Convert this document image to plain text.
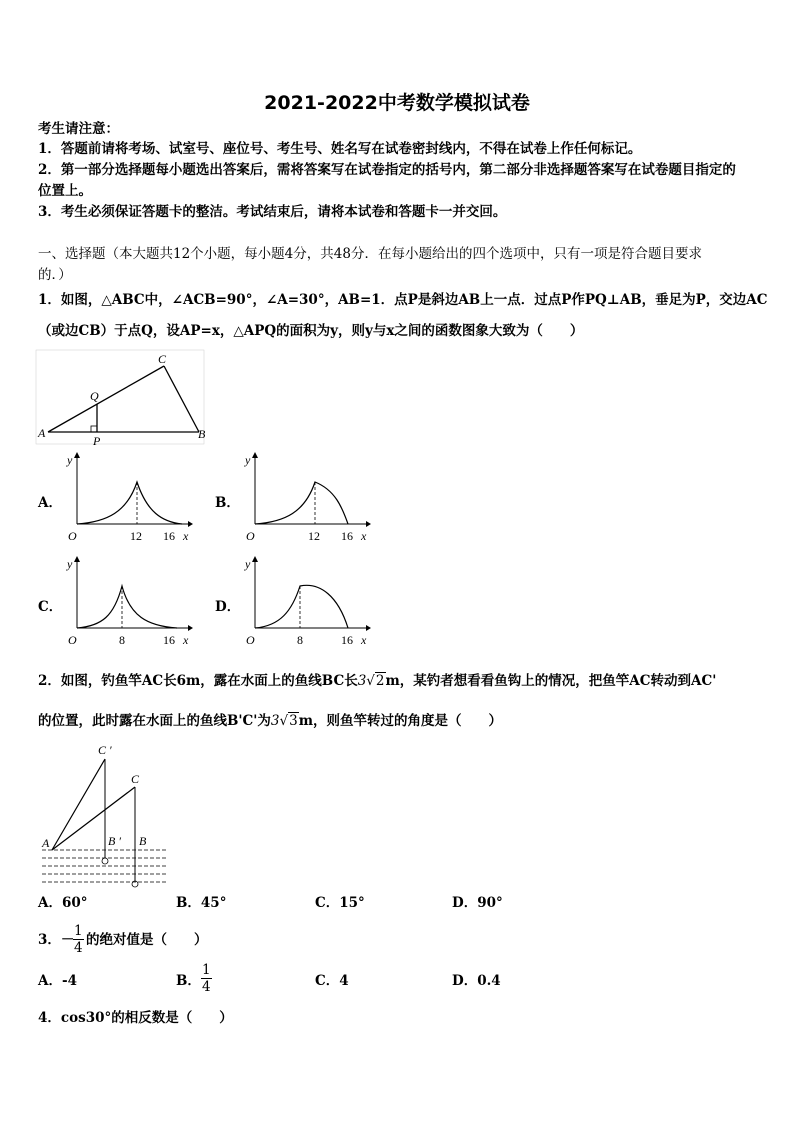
2021-2022中考数学模拟试卷
考生请注意：
1．答题前请将考场、试室号、座位号、考生号、姓名写在试卷密封线内，不得在试卷上作任何标记。
2．第一部分选择题每小题选出答案后，需将答案写在试卷指定的括号内，第二部分非选择题答案写在试卷题目指定的
位置上。
3．考生必须保证答题卡的整洁。考试结束后，请将本试卷和答题卡一并交回。
一、选择题（本大题共12个小题，每小题4分，共48分．在每小题给出的四个选项中，只有一项是符合题目要求
的．）
1．如图，△ABC中，∠ACB=90°，∠A=30°，AB=1．点P是斜边AB上一点．过点P作PQ⊥AB，垂足为P，交边AC
（或边CB）于点Q，设AP=x，△APQ的面积为y，则y与x之间的函数图象大致为（　　）
A	B
C
P
Q
A．	B．
C．	D．
y
O	12 16 x
y
O	12 16 x
y
O	8	16 x
y
O	8	16 x
2．如图，钓鱼竿AC长6m，露在水面上的鱼线BC长3√2m，某钓者想看看鱼钩上的情况，把鱼竿AC转动到AC'
的位置，此时露在水面上的鱼线B'C'为3√3m，则鱼竿转过的角度是（　　）
A
C ′
C
B ′ B
A．60°	B．45°	C．15°	D．90°
3．－
$\frac{1}{4}$ 的绝对值是（　　）
A．-4	B． $\frac{1}{4}$	C．4	D．0.4
4．cos30°的相反数是（　　）
